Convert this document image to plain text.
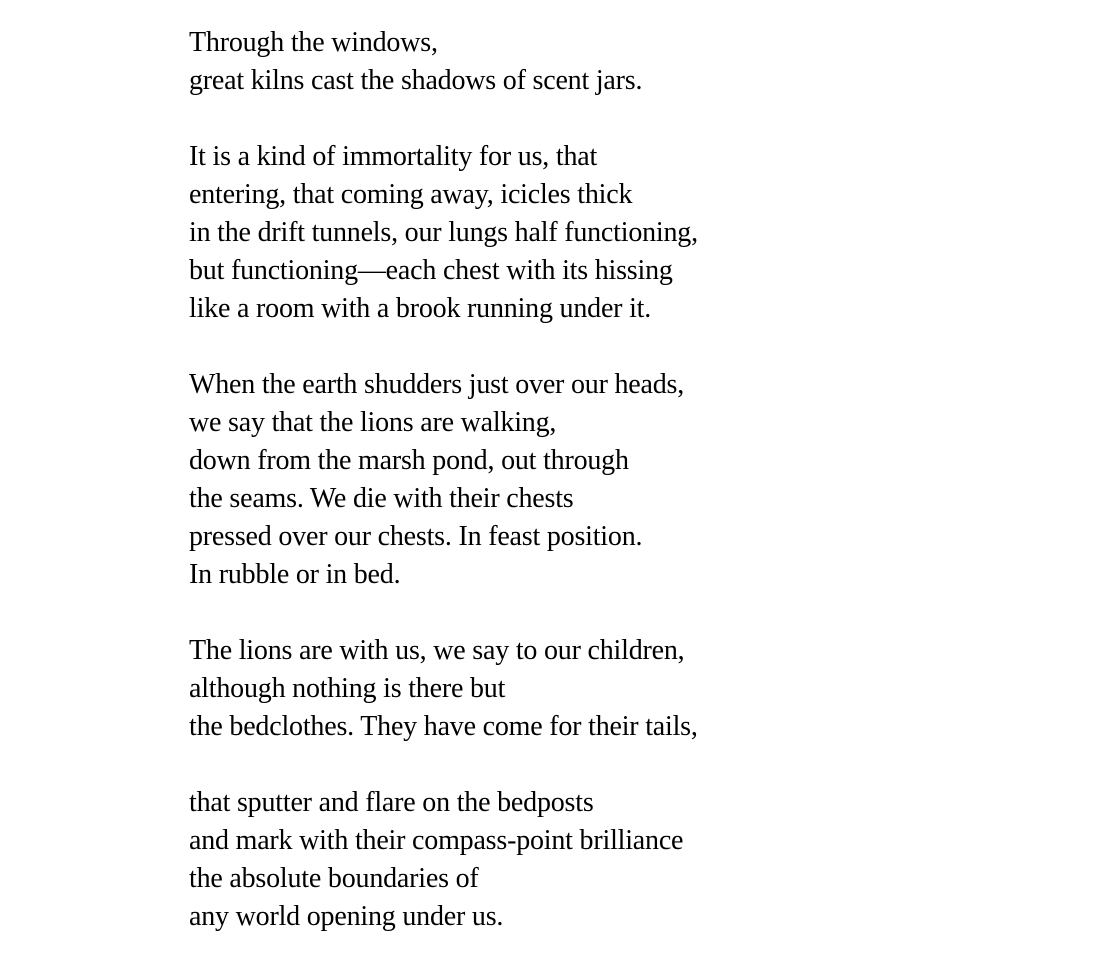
Through the windows,
great kilns cast the shadows of scent jars.
It is a kind of immortality for us, that
entering, that coming away, icicles thick
in the drift tunnels, our lungs half functioning,
but functioning—each chest with its hissing
like a room with a brook running under it.
When the earth shudders just over our heads,
we say that the lions are walking,
down from the marsh pond, out through
the seams. We die with their chests
pressed over our chests. In feast position.
In rubble or in bed.
The lions are with us, we say to our children,
although nothing is there but
the bedclothes. They have come for their tails,
that sputter and flare on the bedposts
and mark with their compass-point brilliance
the absolute boundaries of
any world opening under us.
